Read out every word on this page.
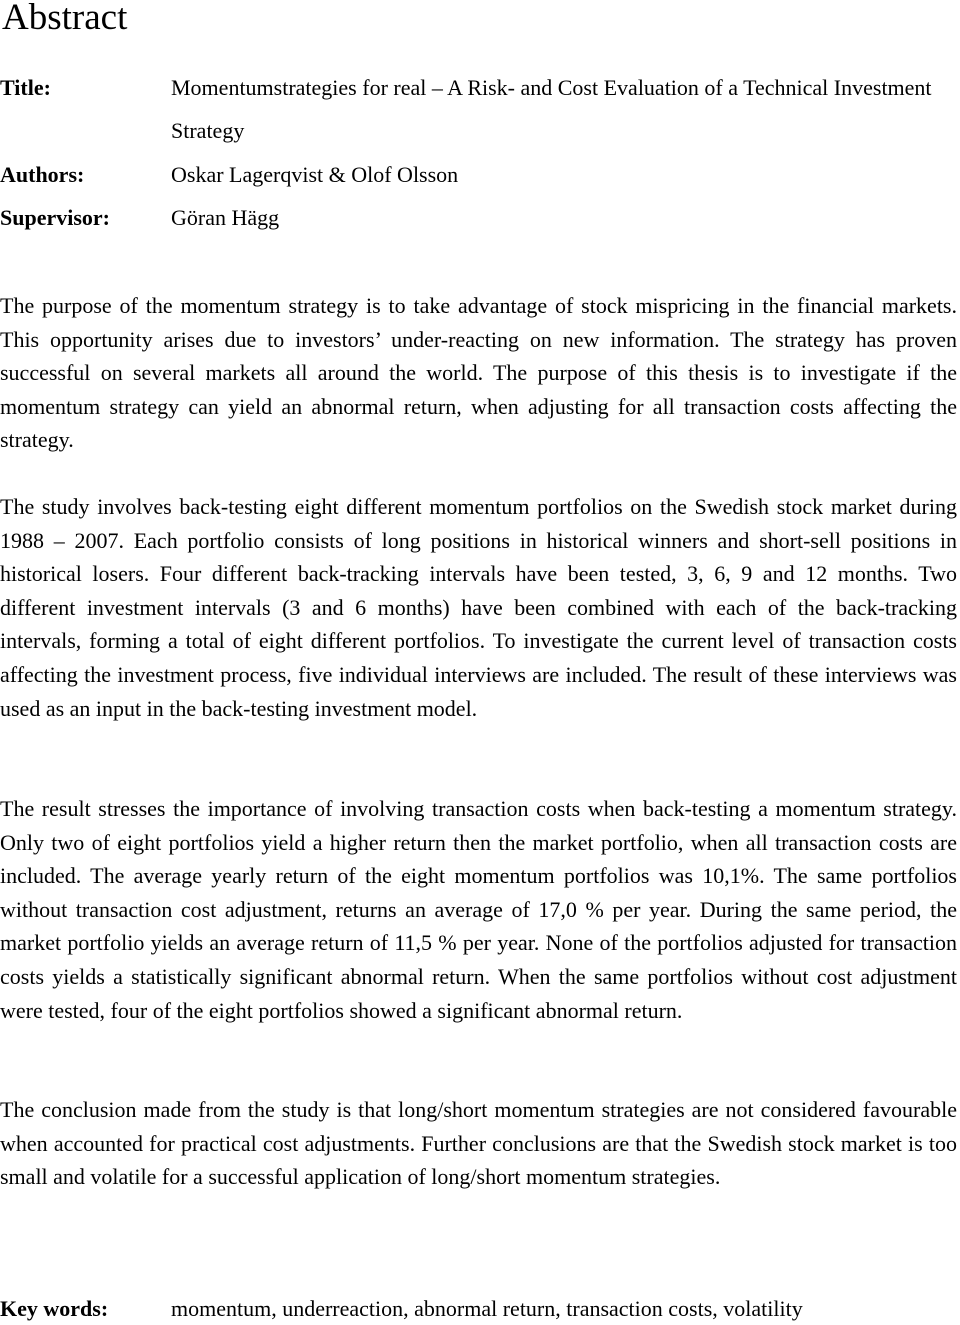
Abstract
Title:	Momentumstrategies for real – A Risk- and Cost Evaluation of a Technical Investment Strategy
Authors:	Oskar Lagerqvist & Olof Olsson
Supervisor:	Göran Hägg

The purpose of the momentum strategy is to take advantage of stock mispricing in the financial markets. This opportunity arises due to investors’ under-reacting on new information. The strategy has proven successful on several markets all around the world. The purpose of this thesis is to investigate if the momentum strategy can yield an abnormal return, when adjusting for all transaction costs affecting the strategy.

The study involves back-testing eight different momentum portfolios on the Swedish stock market during 1988 – 2007. Each portfolio consists of long positions in historical winners and short-sell positions in historical losers. Four different back-tracking intervals have been tested, 3, 6, 9 and 12 months. Two different investment intervals (3 and 6 months) have been combined with each of the back-tracking intervals, forming a total of eight different portfolios. To investigate the current level of transaction costs affecting the investment process, five individual interviews are included. The result of these interviews was used as an input in the back-testing investment model.

The result stresses the importance of involving transaction costs when back-testing a momentum strategy. Only two of eight portfolios yield a higher return then the market portfolio, when all transaction costs are included. The average yearly return of the eight momentum portfolios was 10,1%. The same portfolios without transaction cost adjustment, returns an average of 17,0 % per year. During the same period, the market portfolio yields an average return of 11,5 % per year. None of the portfolios adjusted for transaction costs yields a statistically significant abnormal return. When the same portfolios without cost adjustment were tested, four of the eight portfolios showed a significant abnormal return.

The conclusion made from the study is that long/short momentum strategies are not considered favourable when accounted for practical cost adjustments. Further conclusions are that the Swedish stock market is too small and volatile for a successful application of long/short momentum strategies.

Key words:	momentum, underreaction, abnormal return, transaction costs, volatility
